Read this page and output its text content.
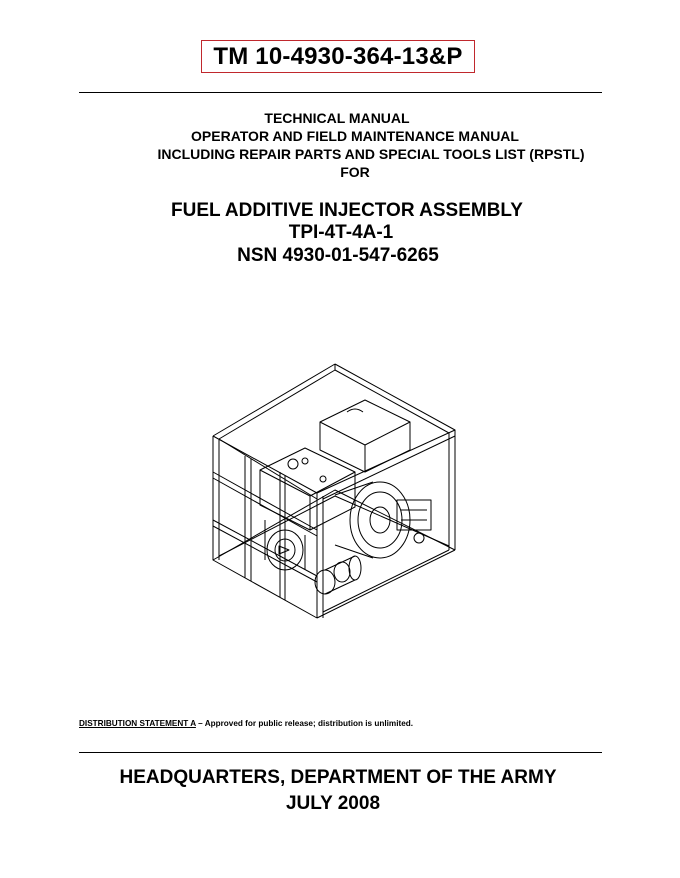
TM 10-4930-364-13&P
TECHNICAL MANUAL
OPERATOR AND FIELD MAINTENANCE MANUAL
INCLUDING REPAIR PARTS AND SPECIAL TOOLS LIST (RPSTL)
FOR
FUEL ADDITIVE INJECTOR ASSEMBLY
TPI-4T-4A-1
NSN 4930-01-547-6265
DISTRIBUTION STATEMENT A – Approved for public release; distribution is unlimited.
HEADQUARTERS, DEPARTMENT OF THE ARMY
JULY 2008
